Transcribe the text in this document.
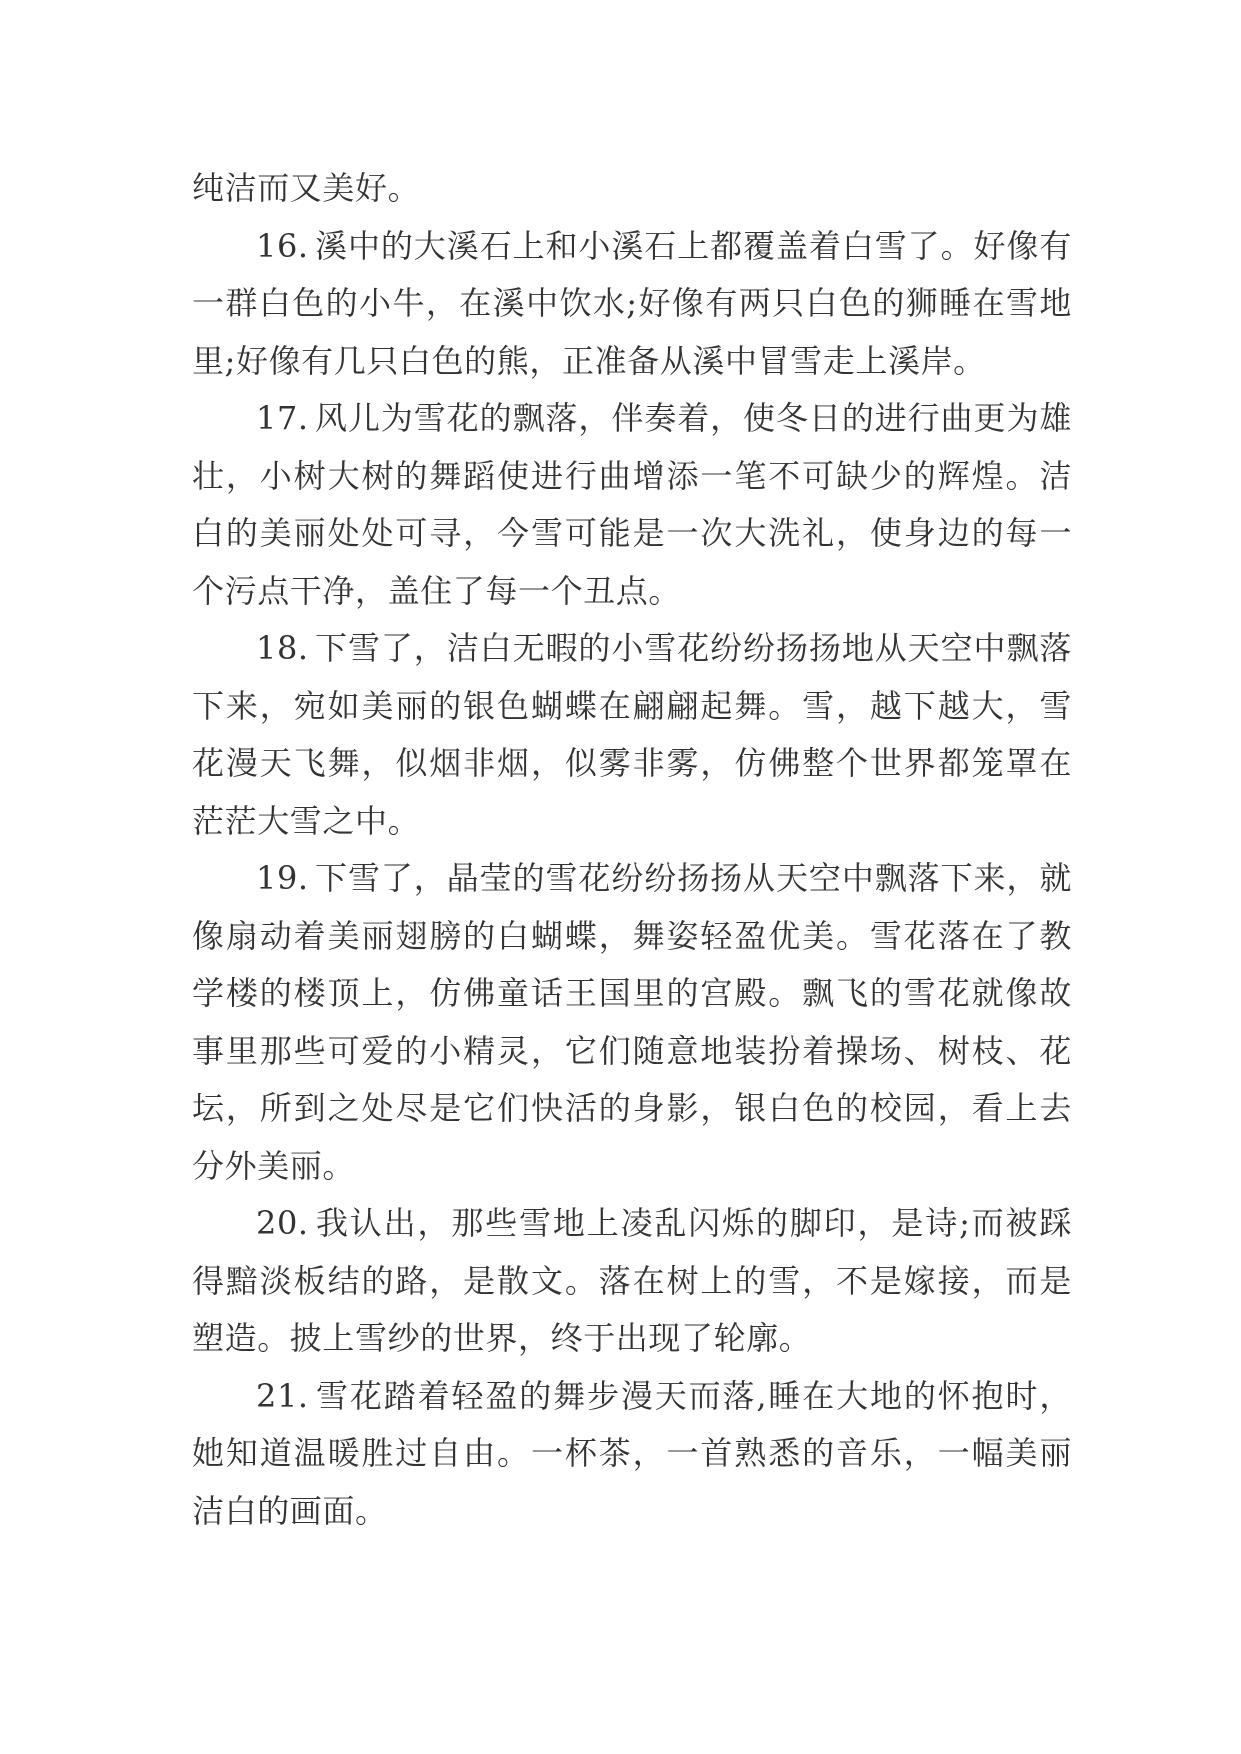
纯洁而又美好。

16. 溪中的大溪石上和小溪石上都覆盖着白雪了。好像有一群白色的小牛，在溪中饮水;好像有两只白色的狮睡在雪地里;好像有几只白色的熊，正准备从溪中冒雪走上溪岸。

17. 风儿为雪花的飘落，伴奏着，使冬日的进行曲更为雄壮，小树大树的舞蹈使进行曲增添一笔不可缺少的辉煌。洁白的美丽处处可寻，今雪可能是一次大洗礼，使身边的每一个污点干净，盖住了每一个丑点。

18. 下雪了，洁白无暇的小雪花纷纷扬扬地从天空中飘落下来，宛如美丽的银色蝴蝶在翩翩起舞。雪，越下越大，雪花漫天飞舞，似烟非烟，似雾非雾，仿佛整个世界都笼罩在茫茫大雪之中。

19. 下雪了，晶莹的雪花纷纷扬扬从天空中飘落下来，就像扇动着美丽翅膀的白蝴蝶，舞姿轻盈优美。雪花落在了教学楼的楼顶上，仿佛童话王国里的宫殿。飘飞的雪花就像故事里那些可爱的小精灵，它们随意地装扮着操场、树枝、花坛，所到之处尽是它们快活的身影，银白色的校园，看上去分外美丽。

20. 我认出，那些雪地上凌乱闪烁的脚印，是诗;而被踩得黯淡板结的路，是散文。落在树上的雪，不是嫁接，而是塑造。披上雪纱的世界，终于出现了轮廓。

21. 雪花踏着轻盈的舞步漫天而落,睡在大地的怀抱时，她知道温暖胜过自由。一杯茶，一首熟悉的音乐，一幅美丽洁白的画面。
